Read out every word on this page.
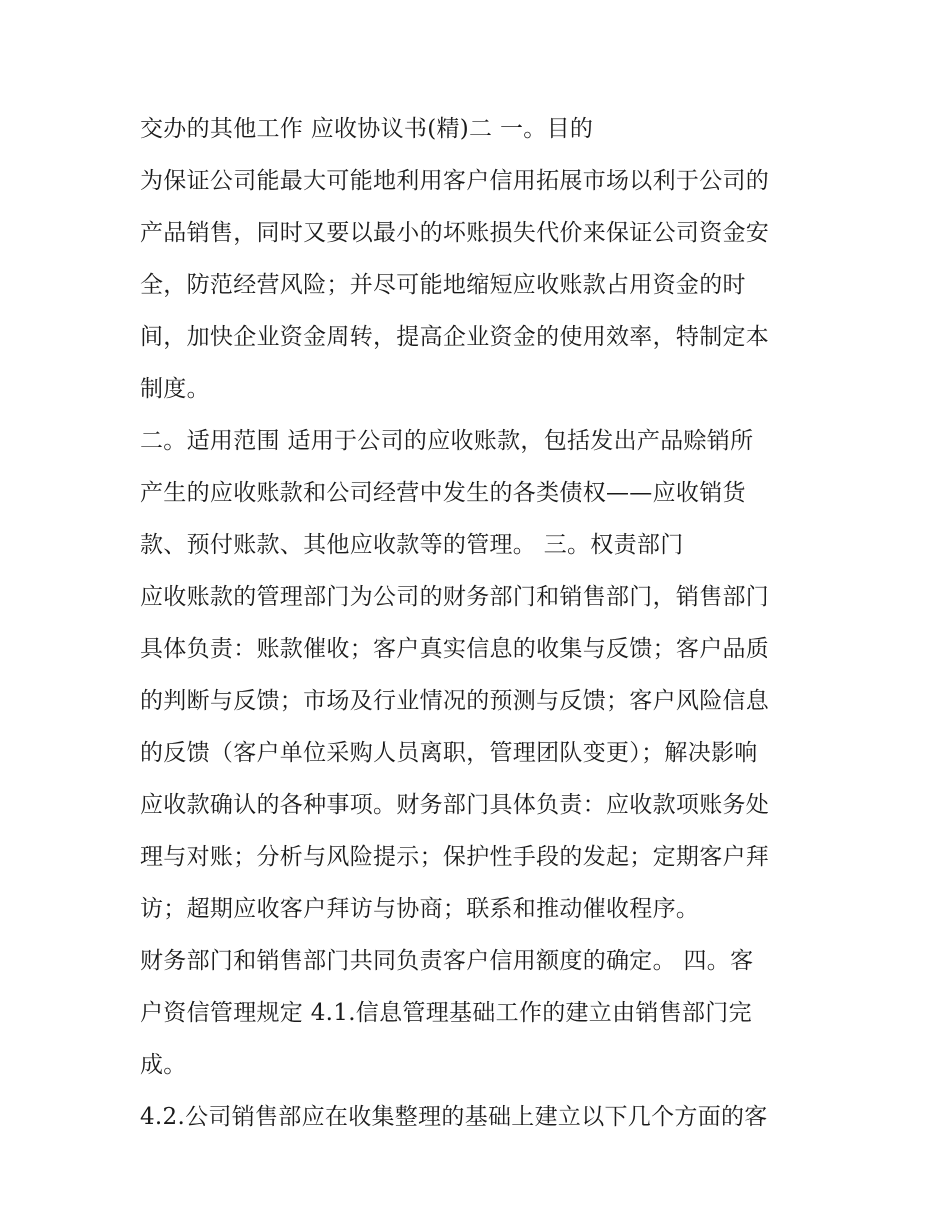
交办的其他工作 应收协议书(精)二 一。目的
为保证公司能最大可能地利用客户信用拓展市场以利于公司的
产品销售，同时又要以最小的坏账损失代价来保证公司资金安
全，防范经营风险；并尽可能地缩短应收账款占用资金的时
间，加快企业资金周转，提高企业资金的使用效率，特制定本
制度。
二。适用范围 适用于公司的应收账款，包括发出产品赊销所
产生的应收账款和公司经营中发生的各类债权——应收销货
款、预付账款、其他应收款等的管理。 三。权责部门
应收账款的管理部门为公司的财务部门和销售部门，销售部门
具体负责：账款催收；客户真实信息的收集与反馈；客户品质
的判断与反馈；市场及行业情况的预测与反馈；客户风险信息
的反馈（客户单位采购人员离职，管理团队变更）；解决影响
应收款确认的各种事项。财务部门具体负责：应收款项账务处
理与对账；分析与风险提示；保护性手段的发起；定期客户拜
访；超期应收客户拜访与协商；联系和推动催收程序。
财务部门和销售部门共同负责客户信用额度的确定。 四。客
户资信管理规定 4.1.信息管理基础工作的建立由销售部门完
成。
4.2.公司销售部应在收集整理的基础上建立以下几个方面的客
